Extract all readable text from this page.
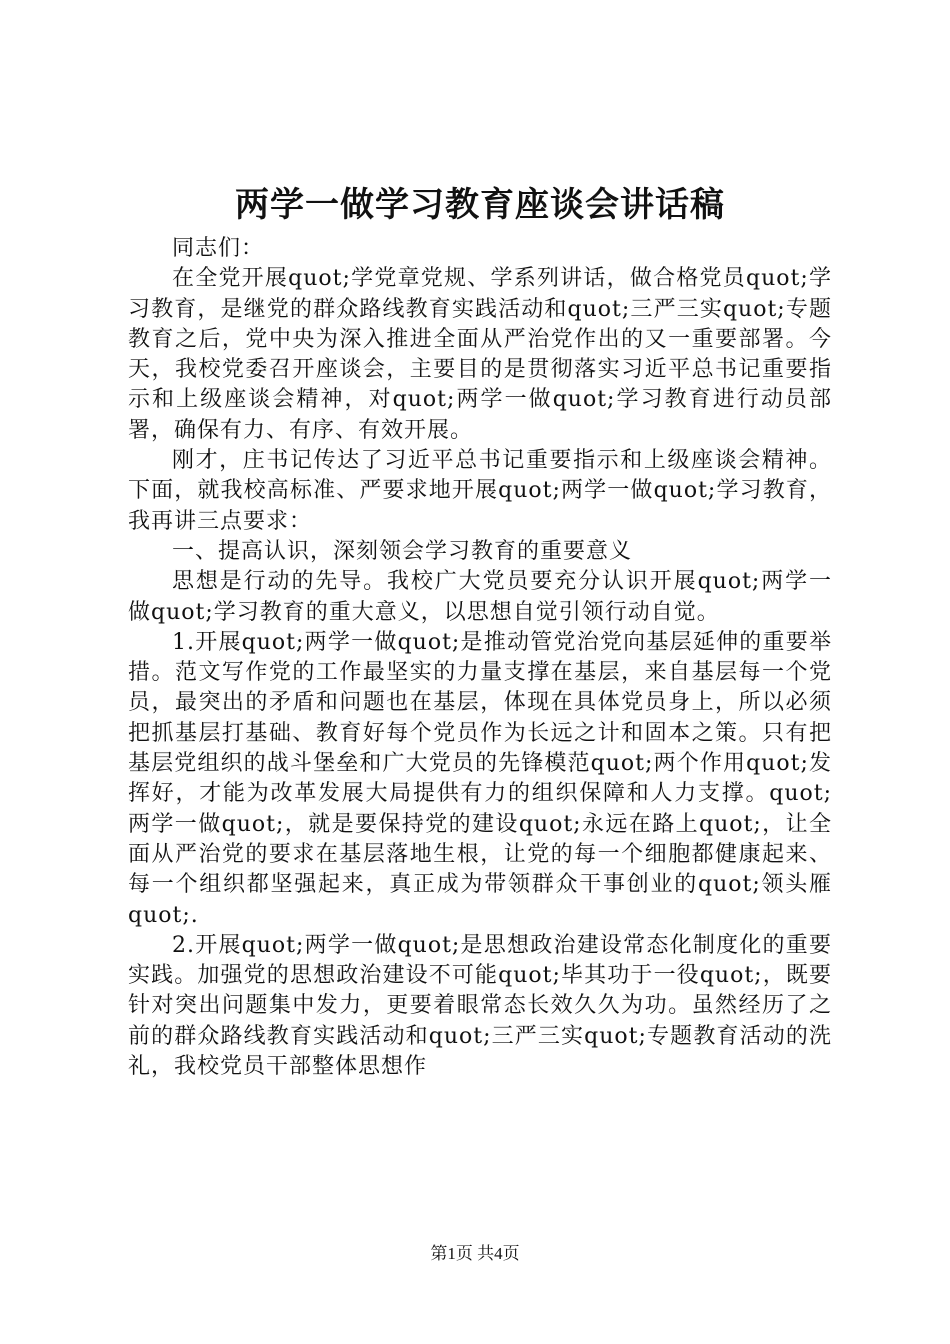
两学一做学习教育座谈会讲话稿

同志们：

在全党开展quot;学党章党规、学系列讲话，做合格党员quot;学习教育，是继党的群众路线教育实践活动和quot;三严三实quot;专题教育之后，党中央为深入推进全面从严治党作出的又一重要部署。今天，我校党委召开座谈会，主要目的是贯彻落实习近平总书记重要指示和上级座谈会精神，对quot;两学一做quot;学习教育进行动员部署，确保有力、有序、有效开展。

刚才，庄书记传达了习近平总书记重要指示和上级座谈会精神。下面，就我校高标准、严要求地开展quot;两学一做quot;学习教育，我再讲三点要求：

一、提高认识，深刻领会学习教育的重要意义

思想是行动的先导。我校广大党员要充分认识开展quot;两学一做quot;学习教育的重大意义，以思想自觉引领行动自觉。

1.开展quot;两学一做quot;是推动管党治党向基层延伸的重要举措。范文写作党的工作最坚实的力量支撑在基层，来自基层每一个党员，最突出的矛盾和问题也在基层，体现在具体党员身上，所以必须把抓基层打基础、教育好每个党员作为长远之计和固本之策。只有把基层党组织的战斗堡垒和广大党员的先锋模范quot;两个作用quot;发挥好，才能为改革发展大局提供有力的组织保障和人力支撑。quot;两学一做quot;，就是要保持党的建设quot;永远在路上quot;，让全面从严治党的要求在基层落地生根，让党的每一个细胞都健康起来、每一个组织都坚强起来，真正成为带领群众干事创业的quot;领头雁quot;.

2.开展quot;两学一做quot;是思想政治建设常态化制度化的重要实践。加强党的思想政治建设不可能quot;毕其功于一役quot;，既要针对突出问题集中发力，更要着眼常态长效久久为功。虽然经历了之前的群众路线教育实践活动和quot;三严三实quot;专题教育活动的洗礼，我校党员干部整体思想作

第1页 共4页
